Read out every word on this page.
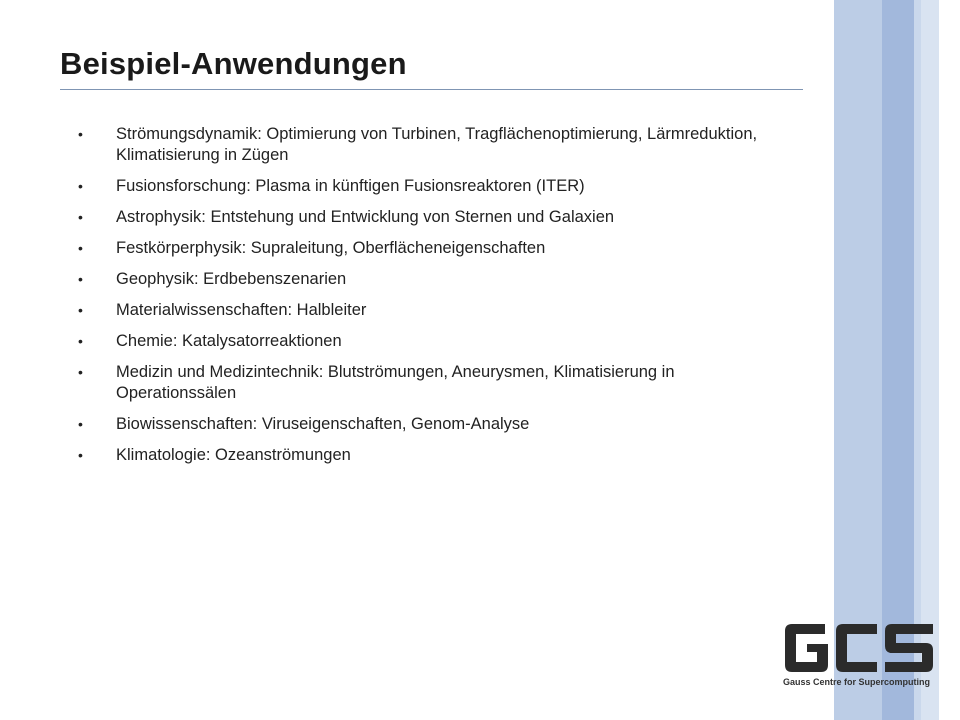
Beispiel-Anwendungen
• Strömungsdynamik: Optimierung von Turbinen, Tragflächenoptimierung, Lärmreduktion, Klimatisierung in Zügen
• Fusionsforschung: Plasma in künftigen Fusionsreaktoren (ITER)
• Astrophysik: Entstehung und Entwicklung von Sternen und Galaxien
• Festkörperphysik: Supraleitung, Oberflächeneigenschaften
• Geophysik: Erdbebenszenarien
• Materialwissenschaften: Halbleiter
• Chemie: Katalysatorreaktionen
• Medizin und Medizintechnik: Blutströmungen, Aneurysmen, Klimatisierung in Operationssälen
• Biowissenschaften: Viruseigenschaften, Genom-Analyse
• Klimatologie: Ozeanströmungen
Gauss Centre for Supercomputing
